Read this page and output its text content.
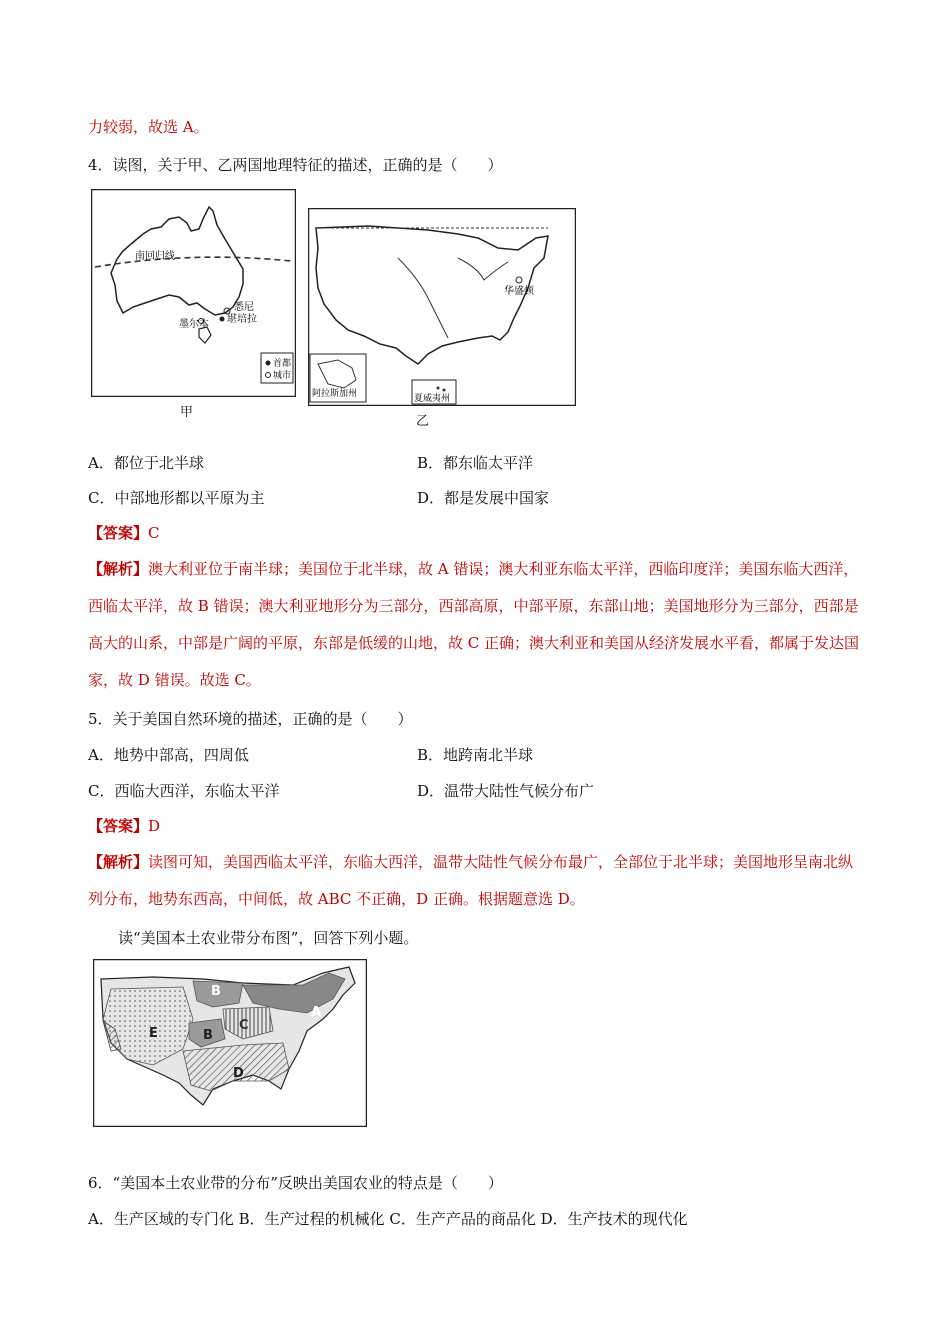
力较弱，故选 A。
4．读图，关于甲、乙两国地理特征的描述，正确的是（　　）
南回归线
悉尼
堪培拉
墨尔本
首都
城市
甲
华盛顿
阿拉斯加州	夏威夷州
乙
A．都位于北半球	B．都东临太平洋
C．中部地形都以平原为主	D．都是发展中国家
【答案】C
【解析】澳大利亚位于南半球；美国位于北半球，故 A 错误；澳大利亚东临太平洋，西临印度洋；美国东临大西洋，西临太平洋，故 B 错误；澳大利亚地形分为三部分，西部高原，中部平原，东部山地；美国地形分为三部分，西部是高大的山系，中部是广阔的平原，东部是低缓的山地，故 C 正确；澳大利亚和美国从经济发展水平看，都属于发达国家，故 D 错误。故选 C。
5．关于美国自然环境的描述，正确的是（　　）
A．地势中部高，四周低	B．地跨南北半球
C．西临大西洋，东临太平洋	D．温带大陆性气候分布广
【答案】D
【解析】读图可知，美国西临太平洋，东临大西洋，温带大陆性气候分布最广，全部位于北半球；美国地形呈南北纵列分布，地势东西高，中间低，故 ABC 不正确，D 正确。根据题意选 D。
读“美国本土农业带分布图”，回答下列小题。
B
A
C
B
D
E
6．“美国本土农业带的分布”反映出美国农业的特点是（　　）
A．生产区域的专门化 B．生产过程的机械化 C．生产产品的商品化 D．生产技术的现代化
